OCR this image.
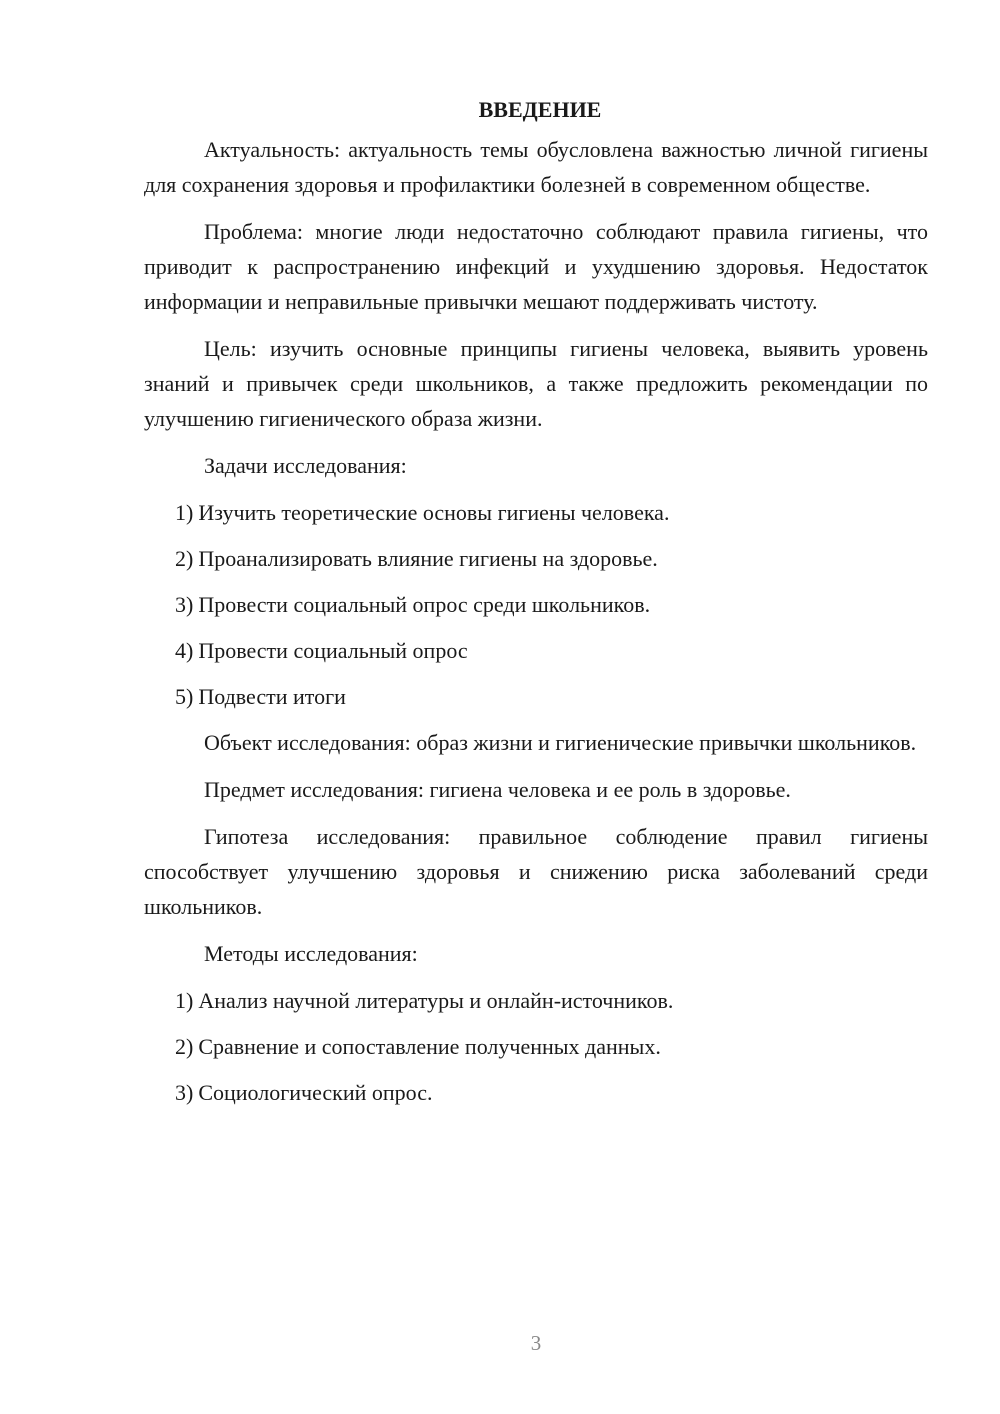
ВВЕДЕНИЕ

Актуальность: актуальность темы обусловлена важностью личной гигиены для сохранения здоровья и профилактики болезней в современном обществе.

Проблема: многие люди недостаточно соблюдают правила гигиены, что приводит к распространению инфекций и ухудшению здоровья. Недостаток информации и неправильные привычки мешают поддерживать чистоту.

Цель: изучить основные принципы гигиены человека, выявить уровень знаний и привычек среди школьников, а также предложить рекомендации по улучшению гигиенического образа жизни.

Задачи исследования:

1) Изучить теоретические основы гигиены человека.
2) Проанализировать влияние гигиены на здоровье.
3) Провести социальный опрос среди школьников.
4) Провести социальный опрос
5) Подвести итоги

Объект исследования: образ жизни и гигиенические привычки школьников.

Предмет исследования: гигиена человека и ее роль в здоровье.

Гипотеза исследования: правильное соблюдение правил гигиены способствует улучшению здоровья и снижению риска заболеваний среди школьников.

Методы исследования:

1) Анализ научной литературы и онлайн-источников.
2) Сравнение и сопоставление полученных данных.
3) Социологический опрос.
3
